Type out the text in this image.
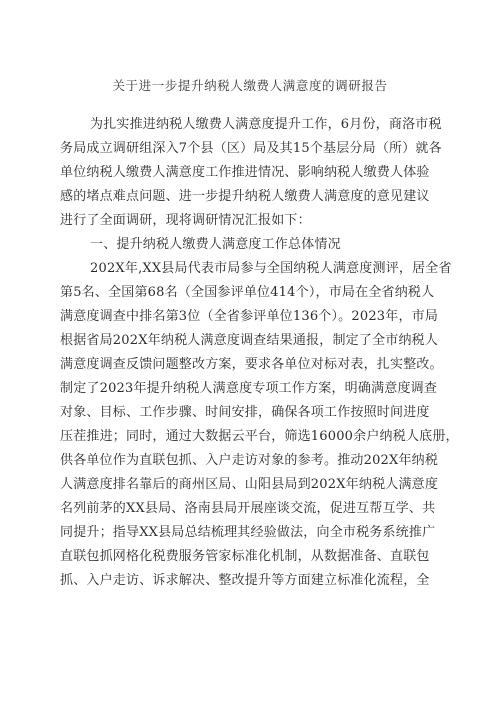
关于进一步提升纳税人缴费人满意度的调研报告
为扎实推进纳税人缴费人满意度提升工作，6月份，商洛市税
务局成立调研组深入7个县（区）局及其15个基层分局（所）就各
单位纳税人缴费人满意度工作推进情况、影响纳税人缴费人体验
感的堵点难点问题、进一步提升纳税人缴费人满意度的意见建议
进行了全面调研，现将调研情况汇报如下：
一、提升纳税人缴费人满意度工作总体情况
202X年,XX县局代表市局参与全国纳税人满意度测评，居全省
第5名、全国第68名（全国参评单位414个），市局在全省纳税人
满意度调查中排名第3位（全省参评单位136个）。2023年，市局
根据省局202X年纳税人满意度调查结果通报，制定了全市纳税人
满意度调查反馈问题整改方案，要求各单位对标对表，扎实整改。
制定了2023年提升纳税人满意度专项工作方案，明确满意度调查
对象、目标、工作步骤、时间安排，确保各项工作按照时间进度
压茬推进；同时，通过大数据云平台，筛选16000余户纳税人底册，
供各单位作为直联包抓、入户走访对象的参考。推动202X年纳税
人满意度排名靠后的商州区局、山阳县局到202X年纳税人满意度
名列前茅的XX县局、洛南县局开展座谈交流，促进互帮互学、共
同提升；指导XX县局总结梳理其经验做法，向全市税务系统推广
直联包抓网格化税费服务管家标准化机制，从数据准备、直联包
抓、入户走访、诉求解决、整改提升等方面建立标准化流程，全
